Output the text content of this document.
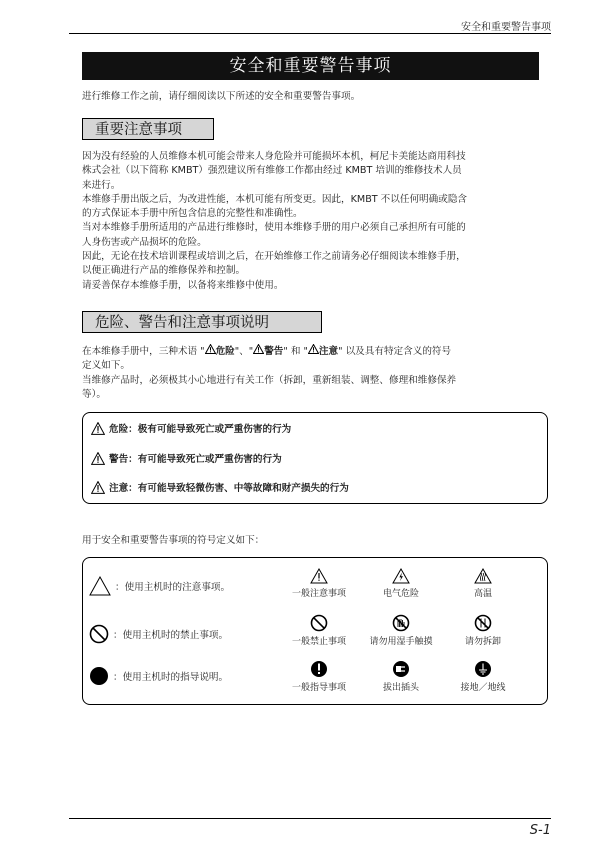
安全和重要警告事项
安全和重要警告事项
进行维修工作之前，请仔细阅读以下所述的安全和重要警告事项。
重要注意事项
因为没有经验的人员维修本机可能会带来人身危险并可能损坏本机，柯尼卡美能达商用科技
株式会社（以下简称 KMBT）强烈建议所有维修工作都由经过 KMBT 培训的维修技术人员
来进行。
本维修手册出版之后，为改进性能，本机可能有所变更。因此，KMBT 不以任何明确或隐含
的方式保证本手册中所包含信息的完整性和准确性。
当对本维修手册所适用的产品进行维修时，使用本维修手册的用户必须自己承担所有可能的
人身伤害或产品损坏的危险。
因此，无论在技术培训课程或培训之后，在开始维修工作之前请务必仔细阅读本维修手册，
以便正确进行产品的维修保养和控制。
请妥善保存本维修手册，以备将来维修中使用。
危险、警告和注意事项说明
在本维修手册中，三种术语 " 危险"、" 警告" 和 " 注意" 以及具有特定含义的符号
定义如下。
当维修产品时，必须极其小心地进行有关工作（拆卸，重新组装、调整、修理和维修保养
等）。
危险：极有可能导致死亡或严重伤害的行为
警告：有可能导致死亡或严重伤害的行为
注意：有可能导致轻微伤害、中等故障和财产损失的行为
用于安全和重要警告事项的符号定义如下：
：使用主机时的注意事项。
：使用主机时的禁止事项。
：使用主机时的指导说明。
一般注意事项	电气危险	高温
一般禁止事项	请勿用湿手触摸	请勿拆卸
一般指导事项	拔出插头	接地／地线
S-1
